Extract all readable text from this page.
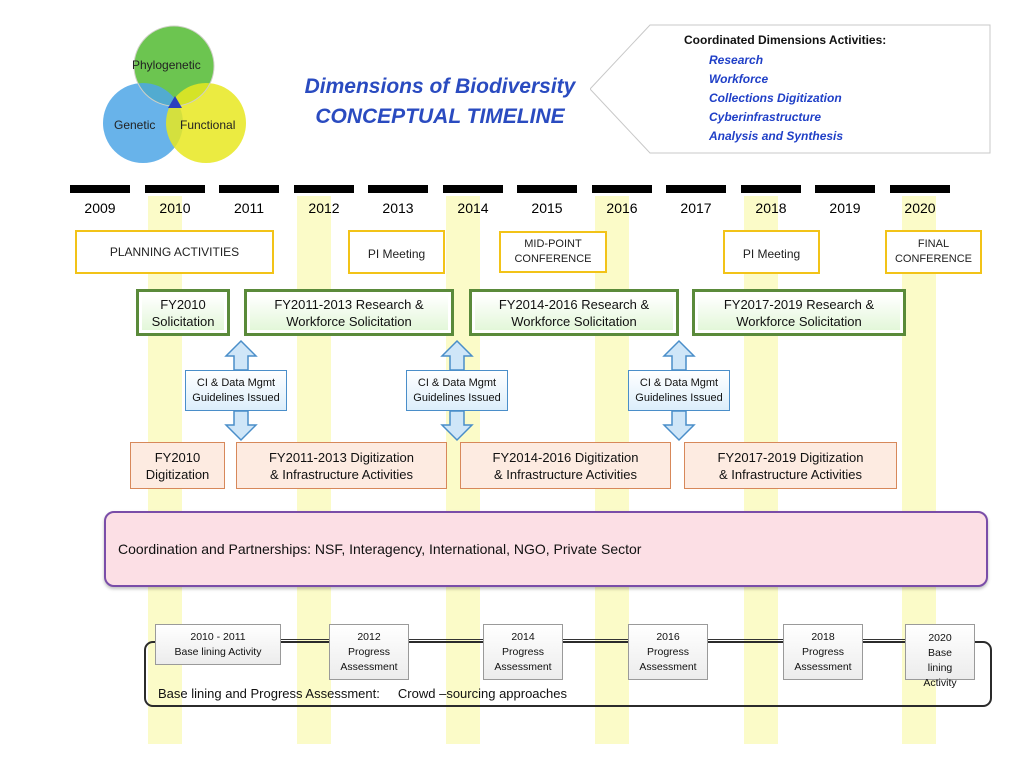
Phylogenetic
Genetic Functional
Dimensions of Biodiversity
CONCEPTUAL TIMELINE
Coordinated Dimensions Activities:
Research
Workforce
Collections Digitization
Cyberinfrastructure
Analysis and Synthesis
2009	2010	2011	2012	2013	2014	2015	2016	2017	2018	2019	2020
PLANNING ACTIVITIES	PI Meeting
MID-POINT
CONFERENCE	PI Meeting
FINAL
CONFERENCE
FY2010
Solicitation
FY2011-2013 Research &
Workforce Solicitation
FY2014-2016 Research &
Workforce Solicitation
FY2017-2019 Research &
Workforce Solicitation
CI & Data Mgmt
Guidelines Issued
CI & Data Mgmt
Guidelines Issued
CI & Data Mgmt
Guidelines Issued
FY2010
Digitization
FY2011-2013 Digitization
& Infrastructure Activities
FY2014-2016 Digitization
& Infrastructure Activities
FY2017-2019 Digitization
& Infrastructure Activities
Coordination and Partnerships: NSF, Interagency, International, NGO, Private Sector
2010 - 2011
Base lining Activity
2012
Progress
Assessment
2014
Progress
Assessment
2016
Progress
Assessment
2018
Progress
Assessment
2020
Base
lining
Activity
Base lining and Progress Assessment: Crowd –sourcing approaches
